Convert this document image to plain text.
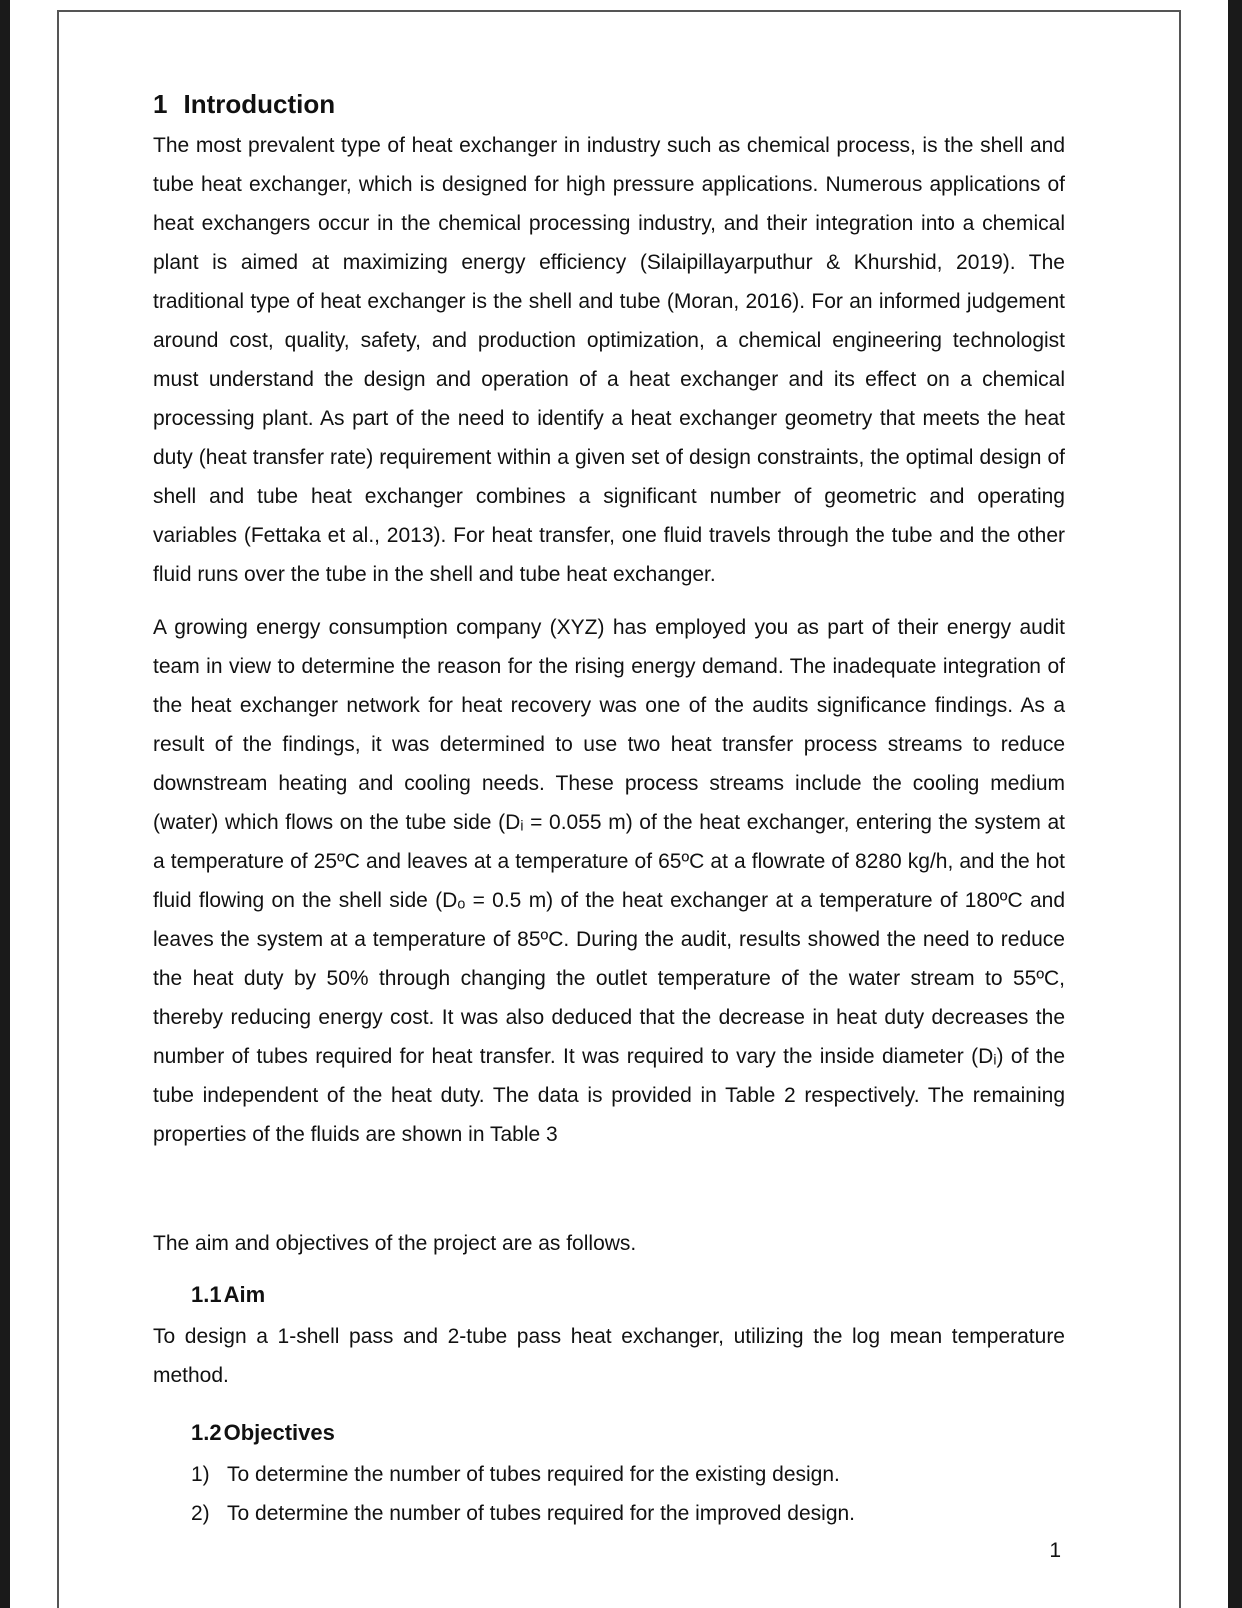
1 Introduction

The most prevalent type of heat exchanger in industry such as chemical process, is the shell and tube heat exchanger, which is designed for high pressure applications. Numerous applications of heat exchangers occur in the chemical processing industry, and their integration into a chemical plant is aimed at maximizing energy efficiency (Silaipillayarputhur & Khurshid, 2019). The traditional type of heat exchanger is the shell and tube (Moran, 2016). For an informed judgement around cost, quality, safety, and production optimization, a chemical engineering technologist must understand the design and operation of a heat exchanger and its effect on a chemical processing plant. As part of the need to identify a heat exchanger geometry that meets the heat duty (heat transfer rate) requirement within a given set of design constraints, the optimal design of shell and tube heat exchanger combines a significant number of geometric and operating variables (Fettaka et al., 2013). For heat transfer, one fluid travels through the tube and the other fluid runs over the tube in the shell and tube heat exchanger.

A growing energy consumption company (XYZ) has employed you as part of their energy audit team in view to determine the reason for the rising energy demand. The inadequate integration of the heat exchanger network for heat recovery was one of the audits significance findings. As a result of the findings, it was determined to use two heat transfer process streams to reduce downstream heating and cooling needs. These process streams include the cooling medium (water) which flows on the tube side (Dᵢ = 0.055 m) of the heat exchanger, entering the system at a temperature of 25ºC and leaves at a temperature of 65ºC at a flowrate of 8280 kg/h, and the hot fluid flowing on the shell side (Dₒ = 0.5 m) of the heat exchanger at a temperature of 180ºC and leaves the system at a temperature of 85ºC. During the audit, results showed the need to reduce the heat duty by 50% through changing the outlet temperature of the water stream to 55ºC, thereby reducing energy cost. It was also deduced that the decrease in heat duty decreases the number of tubes required for heat transfer. It was required to vary the inside diameter (Dᵢ) of the tube independent of the heat duty. The data is provided in Table 2 respectively. The remaining properties of the fluids are shown in Table 3

The aim and objectives of the project are as follows.
1.1Aim

To design a 1-shell pass and 2-tube pass heat exchanger, utilizing the log mean temperature method.

1.2Objectives
1) To determine the number of tubes required for the existing design.
2) To determine the number of tubes required for the improved design.
1
